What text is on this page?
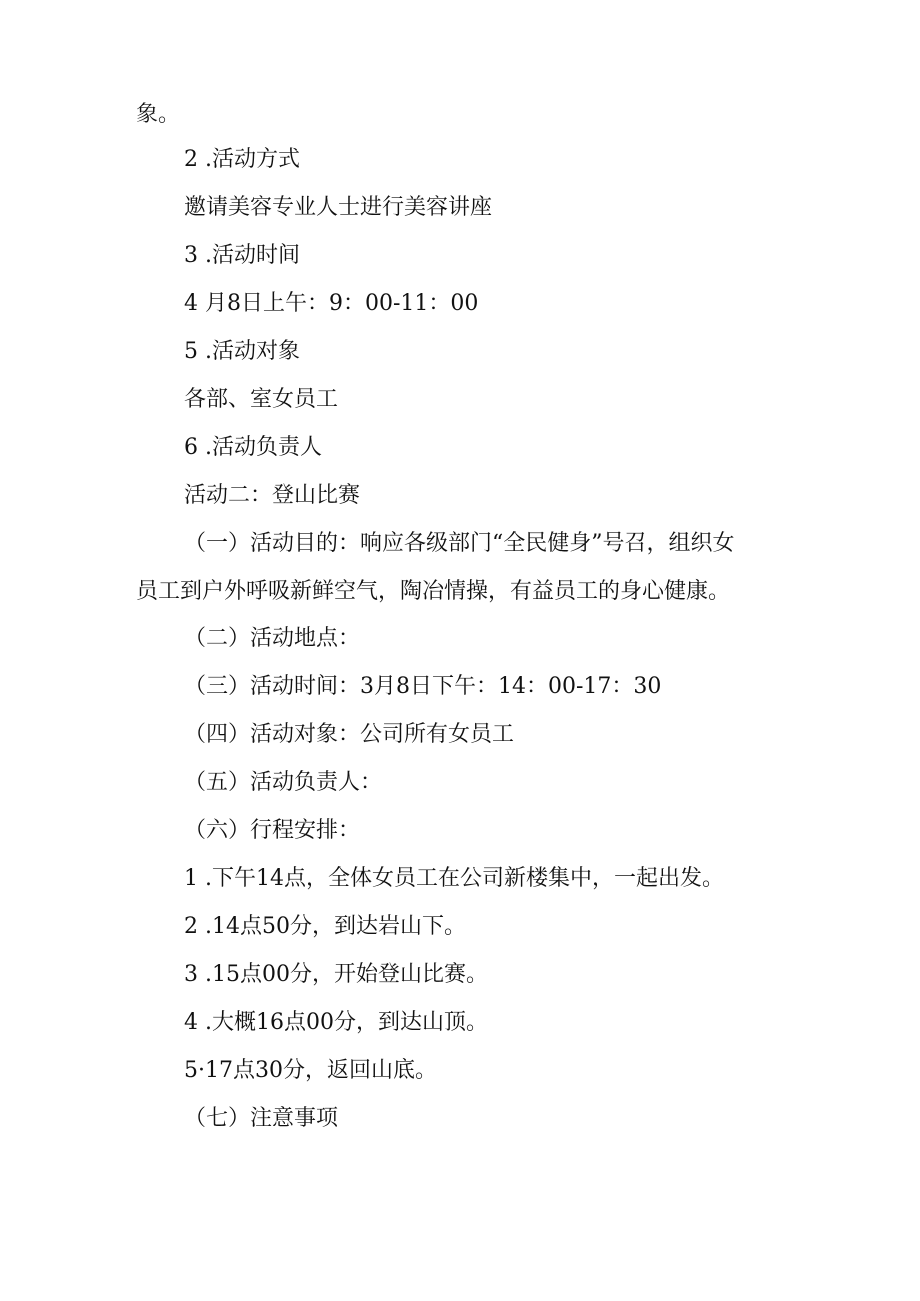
象。
2 .活动方式
邀请美容专业人士进行美容讲座
3 .活动时间
4 月8日上午：9：00-11：00
5 .活动对象
各部、室女员工
6 .活动负责人
活动二：登山比赛
（一）活动目的：响应各级部门“全民健身”号召，组织女
员工到户外呼吸新鲜空气，陶冶情操，有益员工的身心健康。
（二）活动地点：
（三）活动时间：3月8日下午：14：00-17：30
（四）活动对象：公司所有女员工
（五）活动负责人：
（六）行程安排：
1 .下午14点，全体女员工在公司新楼集中，一起出发。
2 .14点50分，到达岩山下。
3 .15点00分，开始登山比赛。
4 .大概16点00分，到达山顶。
5·17点30分，返回山底。
（七）注意事项
